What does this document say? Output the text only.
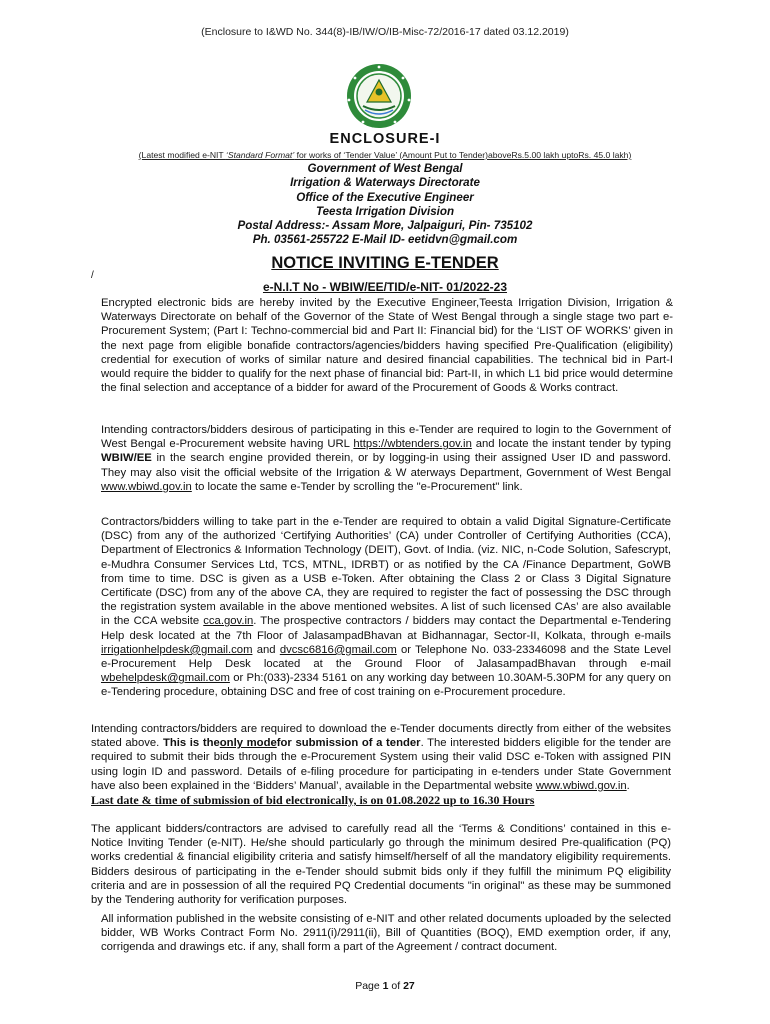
(Enclosure to I&WD No. 344(8)-IB/IW/O/IB-Misc-72/2016-17 dated 03.12.2019)
ENCLOSURE-I
(Latest modified e-NIT ‘Standard Format’ for works of ‘Tender Value’ (Amount Put to Tender)aboveRs.5.00 lakh uptoRs. 45.0 lakh)
Government of West Bengal
Irrigation & Waterways Directorate
Office of the Executive Engineer
Teesta Irrigation Division
Postal Address:- Assam More, Jalpaiguri, Pin- 735102
Ph. 03561-255722 E-Mail ID- eetidvn@gmail.com
NOTICE INVITING E-TENDER
/
e-N.I.T No - WBIW/EE/TID/e-NIT- 01/2022-23
Encrypted electronic bids are hereby invited by the Executive Engineer,Teesta Irrigation Division, Irrigation & Waterways Directorate on behalf of the Governor of the State of West Bengal through a single stage two part e-Procurement System; (Part I: Techno-commercial bid and Part II: Financial bid) for the ‘LIST OF WORKS’ given in the next page from eligible bonafide contractors/agencies/bidders having specified Pre-Qualification (eligibility) credential for execution of works of similar nature and desired financial capabilities. The technical bid in Part-I would require the bidder to qualify for the next phase of financial bid: Part-II, in which L1 bid price would determine the final selection and acceptance of a bidder for award of the Procurement of Goods & Works contract.
Intending contractors/bidders desirous of participating in this e-Tender are required to login to the Government of West Bengal e-Procurement website having URL https://wbtenders.gov.in and locate the instant tender by typing WBIW/EE in the search engine provided therein, or by logging-in using their assigned User ID and password. They may also visit the official website of the Irrigation & W aterways Department, Government of West Bengal www.wbiwd.gov.in to locate the same e-Tender by scrolling the "e-Procurement" link.
Contractors/bidders willing to take part in the e-Tender are required to obtain a valid Digital Signature-Certificate (DSC) from any of the authorized ‘Certifying Authorities’ (CA) under Controller of Certifying Authorities (CCA), Department of Electronics & Information Technology (DEIT), Govt. of India. (viz. NIC, n-Code Solution, Safescrypt, e-Mudhra Consumer Services Ltd, TCS, MTNL, IDRBT) or as notified by the CA /Finance Department, GoWB from time to time. DSC is given as a USB e-Token. After obtaining the Class 2 or Class 3 Digital Signature Certificate (DSC) from any of the above CA, they are required to register the fact of possessing the DSC through the registration system available in the above mentioned websites. A list of such licensed CAs’ are also available in the CCA website cca.gov.in. The prospective contractors / bidders may contact the Departmental e-Tendering Help desk located at the 7th Floor of JalasampadBhavan at Bidhannagar, Sector-II, Kolkata, through e-mails irrigationhelpdesk@gmail.com and dvcsc6816@gmail.com or Telephone No. 033-23346098 and the State Level e-Procurement Help Desk located at the Ground Floor of JalasampadBhavan through e-mail wbehelpdesk@gmail.com or Ph:(033)-2334 5161 on any working day between 10.30AM-5.30PM for any query on e-Tendering procedure, obtaining DSC and free of cost training on e-Procurement procedure.
Intending contractors/bidders are required to download the e-Tender documents directly from either of the websites stated above. This is theonly modefor submission of a tender. The interested bidders eligible for the tender are required to submit their bids through the e-Procurement System using their valid DSC e-Token with assigned PIN using login ID and password. Details of e-filing procedure for participating in e-tenders under State Government have also been explained in the ‘Bidders’ Manual’, available in the Departmental website www.wbiwd.gov.in.
Last date & time of submission of bid electronically, is on 01.08.2022 up to 16.30 Hours
The applicant bidders/contractors are advised to carefully read all the ‘Terms & Conditions’ contained in this e-Notice Inviting Tender (e-NIT). He/she should particularly go through the minimum desired Pre-qualification (PQ) works credential & financial eligibility criteria and satisfy himself/herself of all the mandatory eligibility requirements. Bidders desirous of participating in the e-Tender should submit bids only if they fulfill the minimum PQ eligibility criteria and are in possession of all the required PQ Credential documents "in original" as these may be summoned by the Tendering authority for verification purposes.
All information published in the website consisting of e-NIT and other related documents uploaded by the selected bidder, WB Works Contract Form No. 2911(i)/2911(ii), Bill of Quantities (BOQ), EMD exemption order, if any, corrigenda and drawings etc. if any, shall form a part of the Agreement / contract document.
Page 1 of 27
